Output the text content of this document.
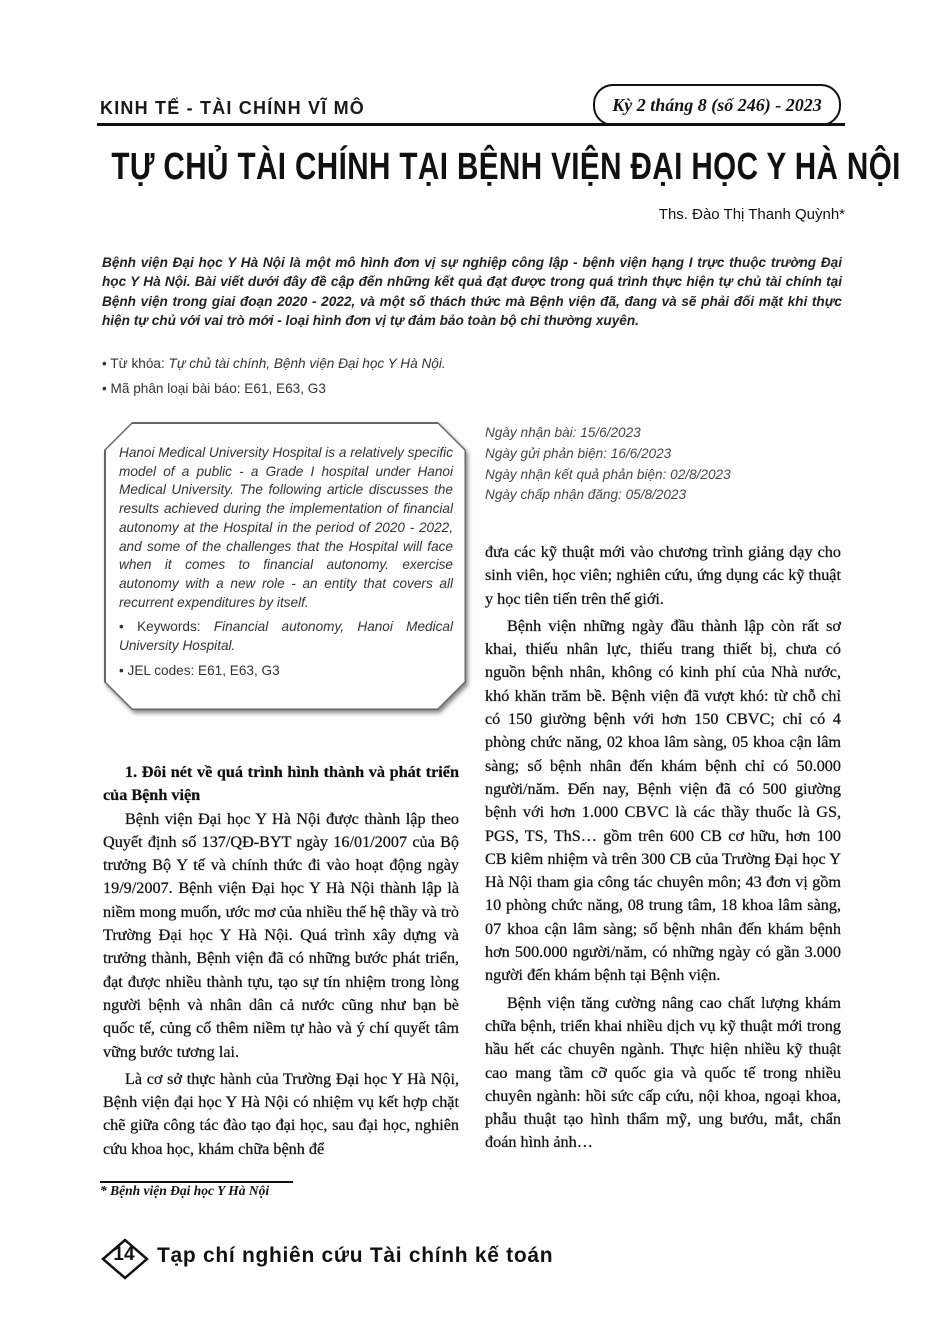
KINH TẾ - TÀI CHÍNH VĨ MÔ	Kỳ 2 tháng 8 (số 246) - 2023
TỰ CHỦ TÀI CHÍNH TẠI BỆNH VIỆN ĐẠI HỌC Y HÀ NỘI
Ths. Đào Thị Thanh Quỳnh*
Bệnh viện Đại học Y Hà Nội là một mô hình đơn vị sự nghiệp công lập - bệnh viện hạng I trực thuộc trường Đại học Y Hà Nội. Bài viết dưới đây đề cập đến những kết quả đạt được trong quá trình thực hiện tự chủ tài chính tại Bệnh viện trong giai đoạn 2020 - 2022, và một số thách thức mà Bệnh viện đã, đang và sẽ phải đối mặt khi thực hiện tự chủ với vai trò mới - loại hình đơn vị tự đảm bảo toàn bộ chi thường xuyên.
• Từ khóa: Tự chủ tài chính, Bệnh viện Đại học Y Hà Nội.
• Mã phân loại bài báo: E61, E63, G3

Hanoi Medical University Hospital is a relatively specific model of a public - a Grade I hospital under Hanoi Medical University. The following article discusses the results achieved during the implementation of financial autonomy at the Hospital in the period of 2020 - 2022, and some of the challenges that the Hospital will face when it comes to financial autonomy. exercise autonomy with a new role - an entity that covers all recurrent expenditures by itself.

• Keywords: Financial autonomy, Hanoi Medical University Hospital.

• JEL codes: E61, E63, G3

Ngày nhận bài: 15/6/2023
Ngày gửi phản biện: 16/6/2023
Ngày nhận kết quả phản biện: 02/8/2023
Ngày chấp nhận đăng: 05/8/2023
1. Đôi nét về quá trình hình thành và phát triển của Bệnh viện

Bệnh viện Đại học Y Hà Nội được thành lập theo Quyết định số 137/QĐ-BYT ngày 16/01/2007 của Bộ trưởng Bộ Y tế và chính thức đi vào hoạt động ngày 19/9/2007. Bệnh viện Đại học Y Hà Nội thành lập là niềm mong muốn, ước mơ của nhiều thế hệ thầy và trò Trường Đại học Y Hà Nội. Quá trình xây dựng và trưởng thành, Bệnh viện đã có những bước phát triển, đạt được nhiều thành tựu, tạo sự tín nhiệm trong lòng người bệnh và nhân dân cả nước cũng như bạn bè quốc tế, củng cố thêm niềm tự hào và ý chí quyết tâm vững bước tương lai.

Là cơ sở thực hành của Trường Đại học Y Hà Nội, Bệnh viện đại học Y Hà Nội có nhiệm vụ kết hợp chặt chẽ giữa công tác đào tạo đại học, sau đại học, nghiên cứu khoa học, khám chữa bệnh để

đưa các kỹ thuật mới vào chương trình giảng dạy cho sinh viên, học viên; nghiên cứu, ứng dụng các kỹ thuật y học tiên tiến trên thế giới.

Bệnh viện những ngày đầu thành lập còn rất sơ khai, thiếu nhân lực, thiếu trang thiết bị, chưa có nguồn bệnh nhân, không có kinh phí của Nhà nước, khó khăn trăm bề. Bệnh viện đã vượt khó: từ chỗ chỉ có 150 giường bệnh với hơn 150 CBVC; chỉ có 4 phòng chức năng, 02 khoa lâm sàng, 05 khoa cận lâm sàng; số bệnh nhân đến khám bệnh chỉ có 50.000 người/năm. Đến nay, Bệnh viện đã có 500 giường bệnh với hơn 1.000 CBVC là các thầy thuốc là GS, PGS, TS, ThS… gồm trên 600 CB cơ hữu, hơn 100 CB kiêm nhiệm và trên 300 CB của Trường Đại học Y Hà Nội tham gia công tác chuyên môn; 43 đơn vị gồm 10 phòng chức năng, 08 trung tâm, 18 khoa lâm sàng, 07 khoa cận lâm sàng; số bệnh nhân đến khám bệnh hơn 500.000 người/năm, có những ngày có gần 3.000 người đến khám bệnh tại Bệnh viện.

Bệnh viện tăng cường nâng cao chất lượng khám chữa bệnh, triển khai nhiều dịch vụ kỹ thuật mới trong hầu hết các chuyên ngành. Thực hiện nhiều kỹ thuật cao mang tầm cỡ quốc gia và quốc tế trong nhiều chuyên ngành: hồi sức cấp cứu, nội khoa, ngoại khoa, phẫu thuật tạo hình thẩm mỹ, ung bướu, mắt, chẩn đoán hình ảnh…

* Bệnh viện Đại học Y Hà Nội
14	Tạp chí nghiên cứu Tài chính kế toán
